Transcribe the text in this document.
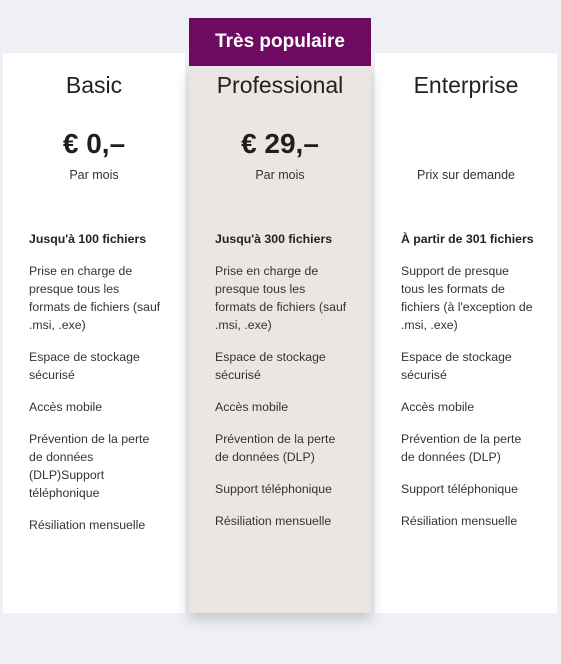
Très populaire
Basic
€ 0,–
Par mois
Jusqu'à 100 fichiers
Prise en charge de presque tous les formats de fichiers (sauf .msi, .exe)
Espace de stockage sécurisé
Accès mobile
Prévention de la perte de données (DLP)Support téléphonique
Résiliation mensuelle
Professional
€ 29,–
Par mois
Jusqu'à 300 fichiers
Prise en charge de presque tous les formats de fichiers (sauf .msi, .exe)
Espace de stockage sécurisé
Accès mobile
Prévention de la perte de données (DLP)
Support téléphonique
Résiliation mensuelle
Enterprise
Prix sur demande
À partir de 301 fichiers
Support de presque tous les formats de fichiers (à l'exception de .msi, .exe)
Espace de stockage sécurisé
Accès mobile
Prévention de la perte de données (DLP)
Support téléphonique
Résiliation mensuelle
